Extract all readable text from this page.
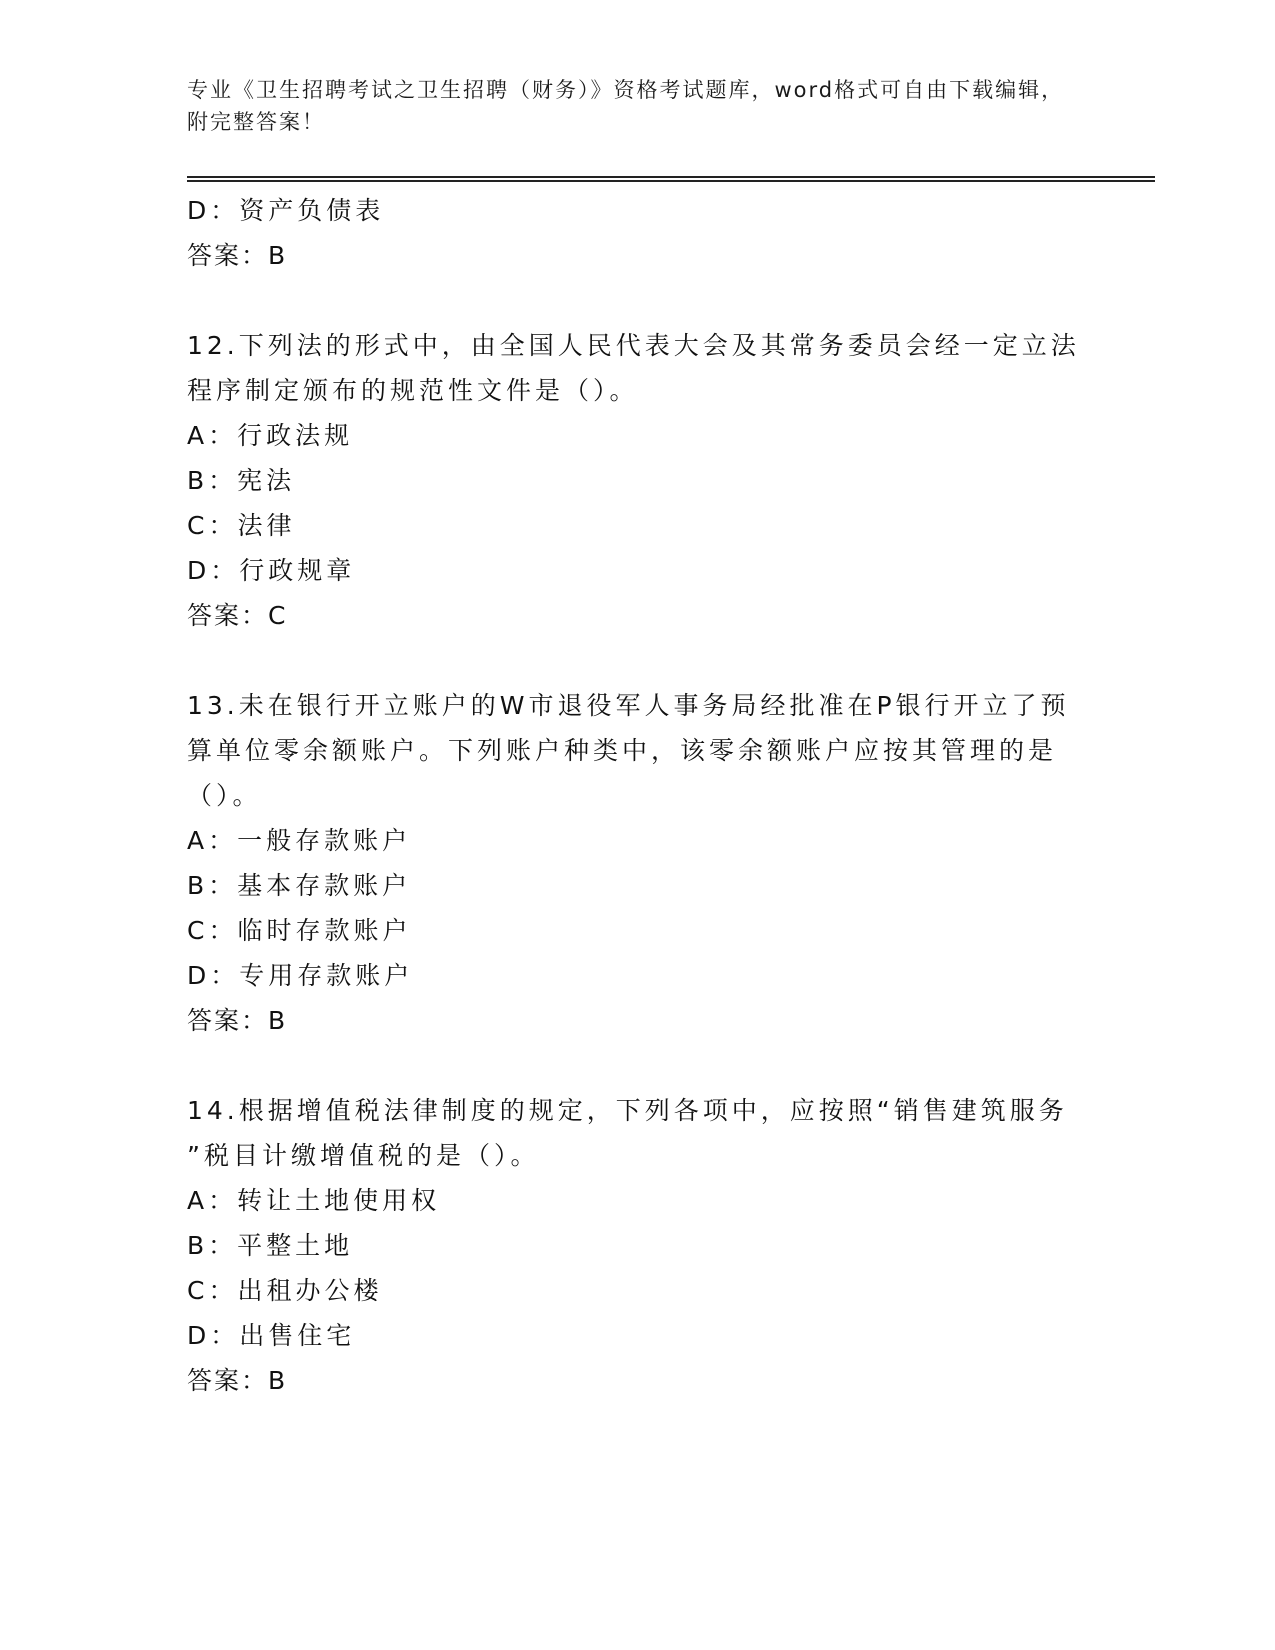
专业《卫生招聘考试之卫生招聘（财务）》资格考试题库，word格式可自由下载编辑，附完整答案！

D：资产负债表

答案：B

12.下列法的形式中，由全国人民代表大会及其常务委员会经一定立法

程序制定颁布的规范性文件是（）。

A：行政法规

B：宪法

C：法律

D：行政规章

答案：C

13.未在银行开立账户的W市退役军人事务局经批准在P银行开立了预

算单位零余额账户。下列账户种类中，该零余额账户应按其管理的是

（）。

A：一般存款账户

B：基本存款账户

C：临时存款账户

D：专用存款账户

答案：B

14.根据增值税法律制度的规定，下列各项中，应按照“销售建筑服务

”税目计缴增值税的是（）。

A：转让土地使用权

B：平整土地

C：出租办公楼

D：出售住宅

答案：B
